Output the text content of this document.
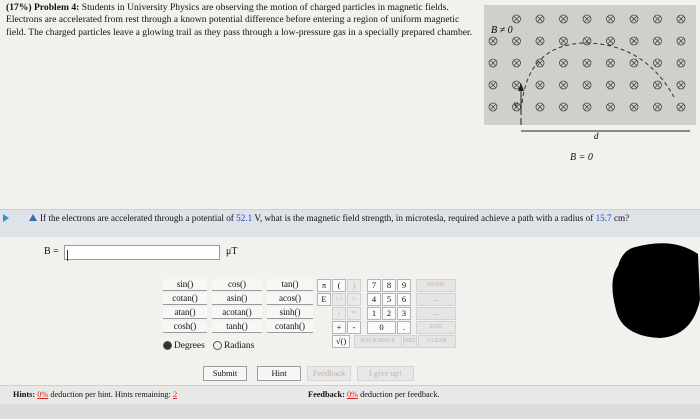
(17%) Problem 4: Students in University Physics are observing the motion of charged particles in magnetic fields. Electrons are accelerated from rest through a known potential difference before entering a region of uniform magnetic field. The charged particles leave a glowing trail as they pass through a low-pressure gas in a specially prepared chamber.	B ≠ 0
v
d
B = 0
If the electrons are accelerated through a potential of 52.1 V, what is the magnetic field strength, in microtesla, required achieve a path with a radius of 15.7 cm?
B =	μT
sin()	cos()	tan()
cotan()	asin()	acos()
atan()	acotan()	sinh()
cosh()	tanh()	cotanh()
π	(	)
E ↑^	^
/	*
+	-
√()
7	8	9
4	5	6
1	2	3
0	.
HOME
←
→
END
BACKSPACE	DEL	CLEAR
Degrees Radians
Submit	Hint	Feedback	I give up!
Hints: 0% deduction per hint. Hints remaining: 2	Feedback: 0% deduction per feedback.
